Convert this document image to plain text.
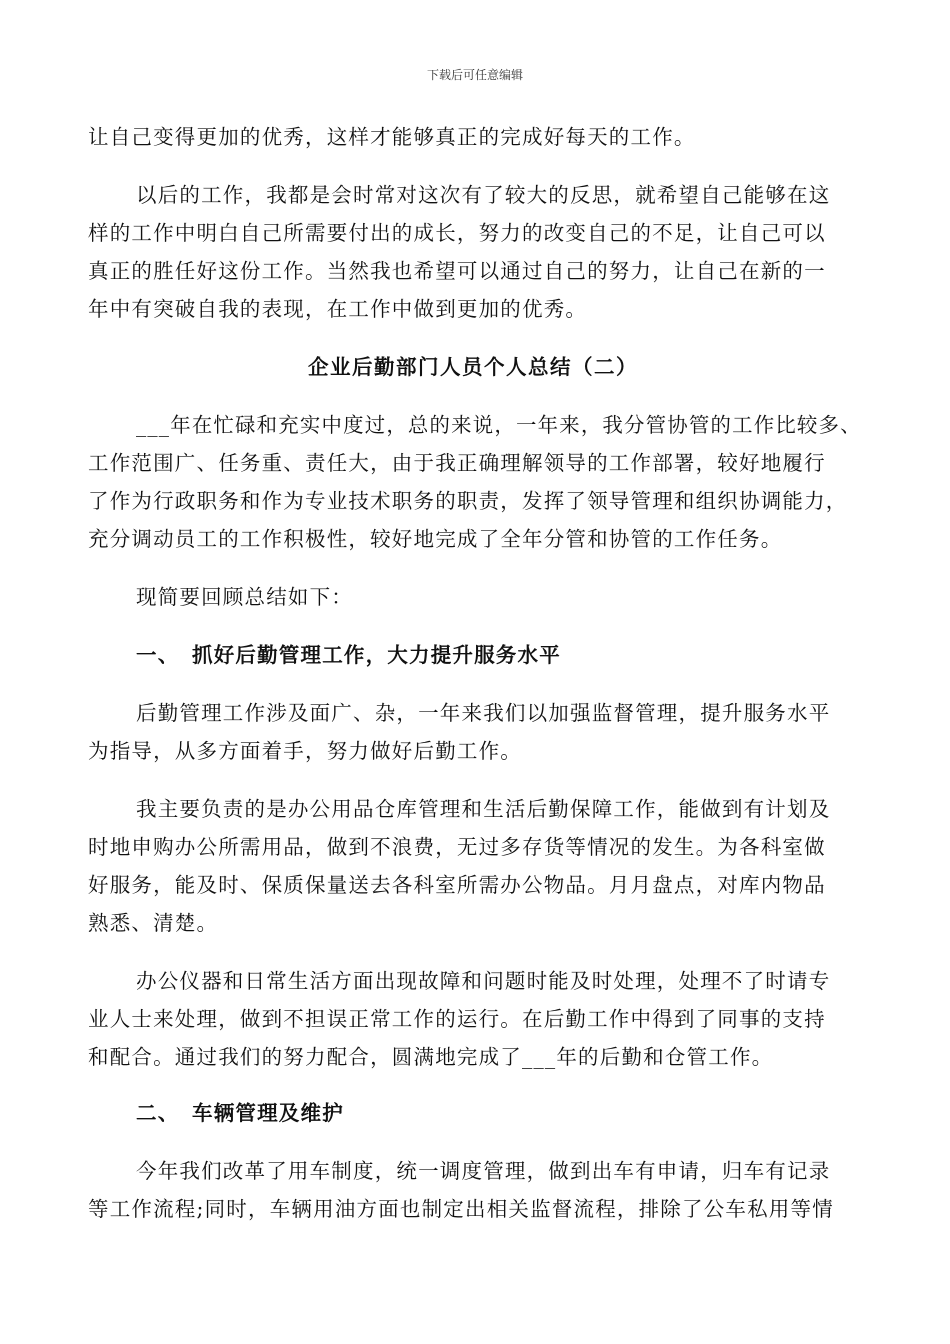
下载后可任意编辑
让自己变得更加的优秀，这样才能够真正的完成好每天的工作。
以后的工作，我都是会时常对这次有了较大的反思，就希望自己能够在这
样的工作中明白自己所需要付出的成长，努力的改变自己的不足，让自己可以
真正的胜任好这份工作。当然我也希望可以通过自己的努力，让自己在新的一
年中有突破自我的表现，在工作中做到更加的优秀。
企业后勤部门人员个人总结（二）
___年在忙碌和充实中度过，总的来说，一年来，我分管协管的工作比较多、
工作范围广、任务重、责任大，由于我正确理解领导的工作部署，较好地履行
了作为行政职务和作为专业技术职务的职责，发挥了领导管理和组织协调能力，
充分调动员工的工作积极性，较好地完成了全年分管和协管的工作任务。
现简要回顾总结如下：
一、 抓好后勤管理工作，大力提升服务水平
后勤管理工作涉及面广、杂，一年来我们以加强监督管理，提升服务水平
为指导，从多方面着手，努力做好后勤工作。
我主要负责的是办公用品仓库管理和生活后勤保障工作，能做到有计划及
时地申购办公所需用品，做到不浪费，无过多存货等情况的发生。为各科室做
好服务，能及时、保质保量送去各科室所需办公物品。月月盘点，对库内物品
熟悉、清楚。
办公仪器和日常生活方面出现故障和问题时能及时处理，处理不了时请专
业人士来处理，做到不担误正常工作的运行。在后勤工作中得到了同事的支持
和配合。通过我们的努力配合，圆满地完成了___年的后勤和仓管工作。
二、 车辆管理及维护
今年我们改革了用车制度，统一调度管理，做到出车有申请，归车有记录
等工作流程;同时，车辆用油方面也制定出相关监督流程，排除了公车私用等情
